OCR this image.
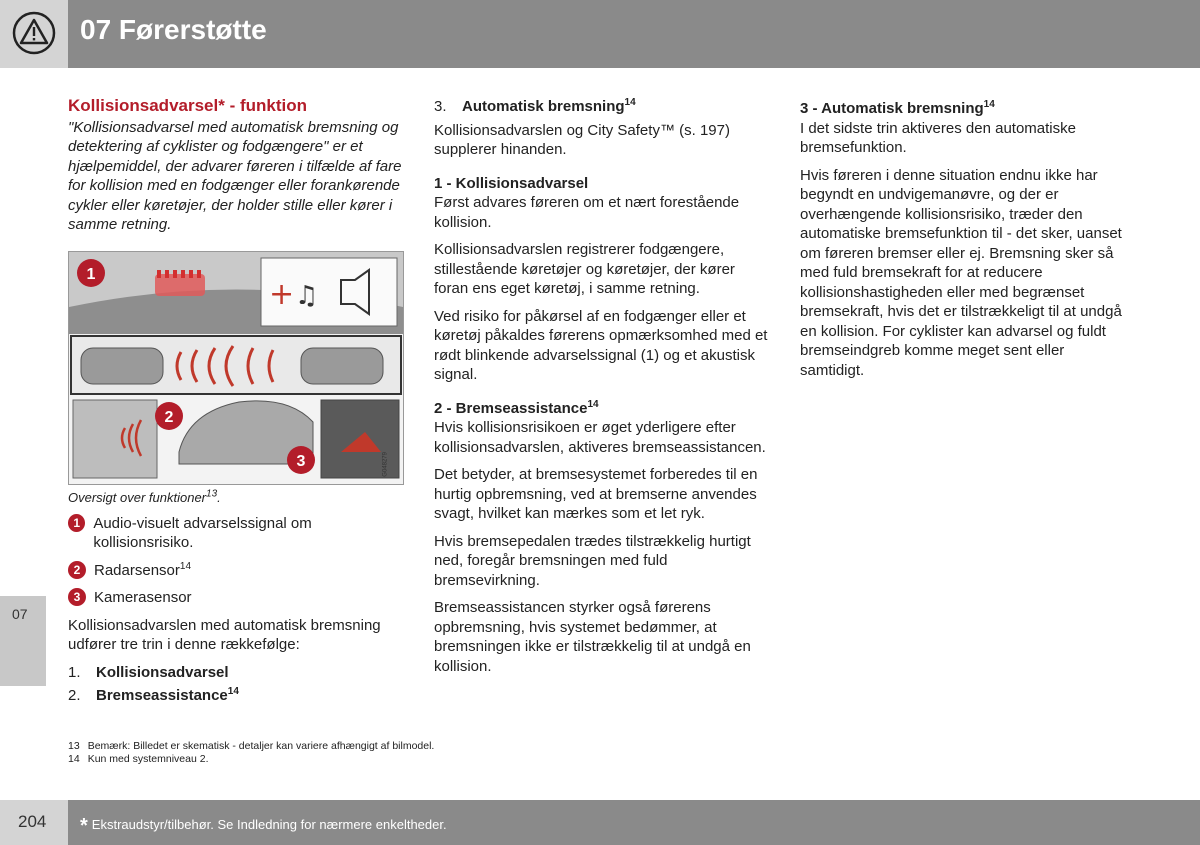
07 Førerstøtte
07
Kollisionsadvarsel* - funktion

"Kollisionsadvarsel med automatisk bremsning og detektering af cyklister og fodgængere" er et hjælpemiddel, der advarer føreren i tilfælde af fare for kollision med en fodgænger eller forankørende cykler eller køretøjer, der holder stille eller kører i samme retning.

+ ♫
1
2
3	G048279

Oversigt over funktioner$^{13}$.

1 Audio-visuelt advarselssignal om kollisionsrisiko.
2 Radarsensor$^{14}$
3 Kamerasensor

Kollisionsadvarslen med automatisk bremsning udfører tre trin i denne rækkefølge:

1.	Kollisionsadvarsel
2.	Bremseassistance$^{14}$
3.	Automatisk bremsning$^{14}$

Kollisionsadvarslen og City Safety™ (s. 197) supplerer hinanden.

1 - Kollisionsadvarsel

Først advares føreren om et nært forestående kollision.

Kollisionsadvarslen registrerer fodgængere, stillestående køretøjer og køretøjer, der kører foran ens eget køretøj, i samme retning.

Ved risiko for påkørsel af en fodgænger eller et køretøj påkaldes førerens opmærksomhed med et rødt blinkende advarselssignal (1) og et akustisk signal.

2 - Bremseassistance$^{14}$

Hvis kollisionsrisikoen er øget yderligere efter kollisionsadvarslen, aktiveres bremseassistancen.

Det betyder, at bremsesystemet forberedes til en hurtig opbremsning, ved at bremserne anvendes svagt, hvilket kan mærkes som et let ryk.

Hvis bremsepedalen trædes tilstrækkelig hurtigt ned, foregår bremsningen med fuld bremsevirkning.

Bremseassistancen styrker også førerens opbremsning, hvis systemet bedømmer, at bremsningen ikke er tilstrækkelig til at undgå en kollision.

3 - Automatisk bremsning$^{14}$

I det sidste trin aktiveres den automatiske bremsefunktion.

Hvis føreren i denne situation endnu ikke har begyndt en undvigemanøvre, og der er overhængende kollisionsrisiko, træder den automatiske bremsefunktion til - det sker, uanset om føreren bremser eller ej. Bremsning sker så med fuld bremsekraft for at reducere kollisionshastigheden eller med begrænset bremsekraft, hvis det er tilstrækkeligt til at undgå en kollision. For cyklister kan advarsel og fuldt bremseindgreb komme meget sent eller samtidigt.

13 Bemærk: Billedet er skematisk - detaljer kan variere afhængigt af bilmodel.
14 Kun med systemniveau 2.
204 * Ekstraudstyr/tilbehør. Se Indledning for nærmere enkeltheder.
